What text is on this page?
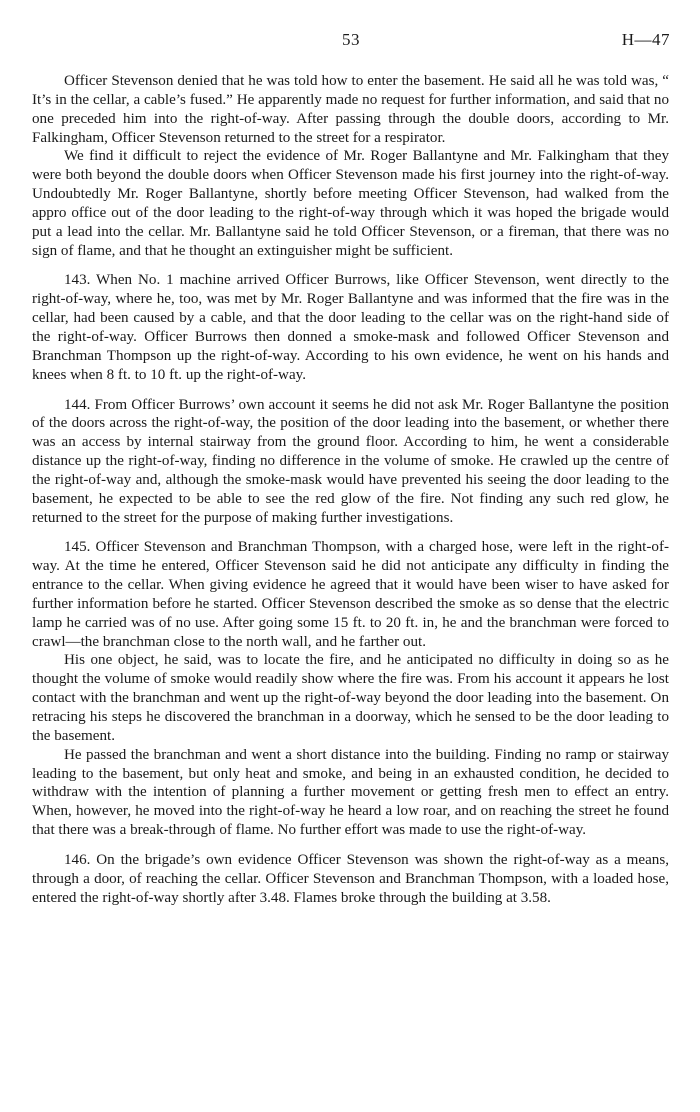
53	H—47

Officer Stevenson denied that he was told how to enter the basement. He said all he was told was, “ It’s in the cellar, a cable’s fused.” He apparently made no request for further information, and said that no one preceded him into the right-of-way. After passing through the double doors, according to Mr. Falkingham, Officer Stevenson returned to the street for a respirator.

We find it difficult to reject the evidence of Mr. Roger Ballantyne and Mr. Falkingham that they were both beyond the double doors when Officer Stevenson made his first journey into the right-of-way. Undoubtedly Mr. Roger Ballantyne, shortly before meeting Officer Stevenson, had walked from the appro office out of the door leading to the right-of-way through which it was hoped the brigade would put a lead into the cellar. Mr. Ballantyne said he told Officer Stevenson, or a fireman, that there was no sign of flame, and that he thought an extinguisher might be sufficient.

143. When No. 1 machine arrived Officer Burrows, like Officer Stevenson, went directly to the right-of-way, where he, too, was met by Mr. Roger Ballantyne and was informed that the fire was in the cellar, had been caused by a cable, and that the door leading to the cellar was on the right-hand side of the right-of-way. Officer Burrows then donned a smoke-mask and followed Officer Stevenson and Branchman Thompson up the right-of-way. According to his own evidence, he went on his hands and knees when 8 ft. to 10 ft. up the right-of-way.

144. From Officer Burrows’ own account it seems he did not ask Mr. Roger Ballantyne the position of the doors across the right-of-way, the position of the door leading into the basement, or whether there was an access by internal stairway from the ground floor. According to him, he went a considerable distance up the right-of-way, finding no difference in the volume of smoke. He crawled up the centre of the right-of-way and, although the smoke-mask would have prevented his seeing the door leading to the basement, he expected to be able to see the red glow of the fire. Not finding any such red glow, he returned to the street for the purpose of making further investigations.

145. Officer Stevenson and Branchman Thompson, with a charged hose, were left in the right-of-way. At the time he entered, Officer Stevenson said he did not anticipate any difficulty in finding the entrance to the cellar. When giving evidence he agreed that it would have been wiser to have asked for further information before he started. Officer Stevenson described the smoke as so dense that the electric lamp he carried was of no use. After going some 15 ft. to 20 ft. in, he and the branchman were forced to crawl—the branchman close to the north wall, and he farther out.

His one object, he said, was to locate the fire, and he anticipated no difficulty in doing so as he thought the volume of smoke would readily show where the fire was. From his account it appears he lost contact with the branchman and went up the right-of-way beyond the door leading into the basement. On retracing his steps he discovered the branchman in a doorway, which he sensed to be the door leading to the basement.

He passed the branchman and went a short distance into the building. Finding no ramp or stairway leading to the basement, but only heat and smoke, and being in an exhausted condition, he decided to withdraw with the intention of planning a further movement or getting fresh men to effect an entry. When, however, he moved into the right-of-way he heard a low roar, and on reaching the street he found that there was a break-through of flame. No further effort was made to use the right-of-way.

146. On the brigade’s own evidence Officer Stevenson was shown the right-of-way as a means, through a door, of reaching the cellar. Officer Stevenson and Branchman Thompson, with a loaded hose, entered the right-of-way shortly after 3.48. Flames broke through the building at 3.58.
